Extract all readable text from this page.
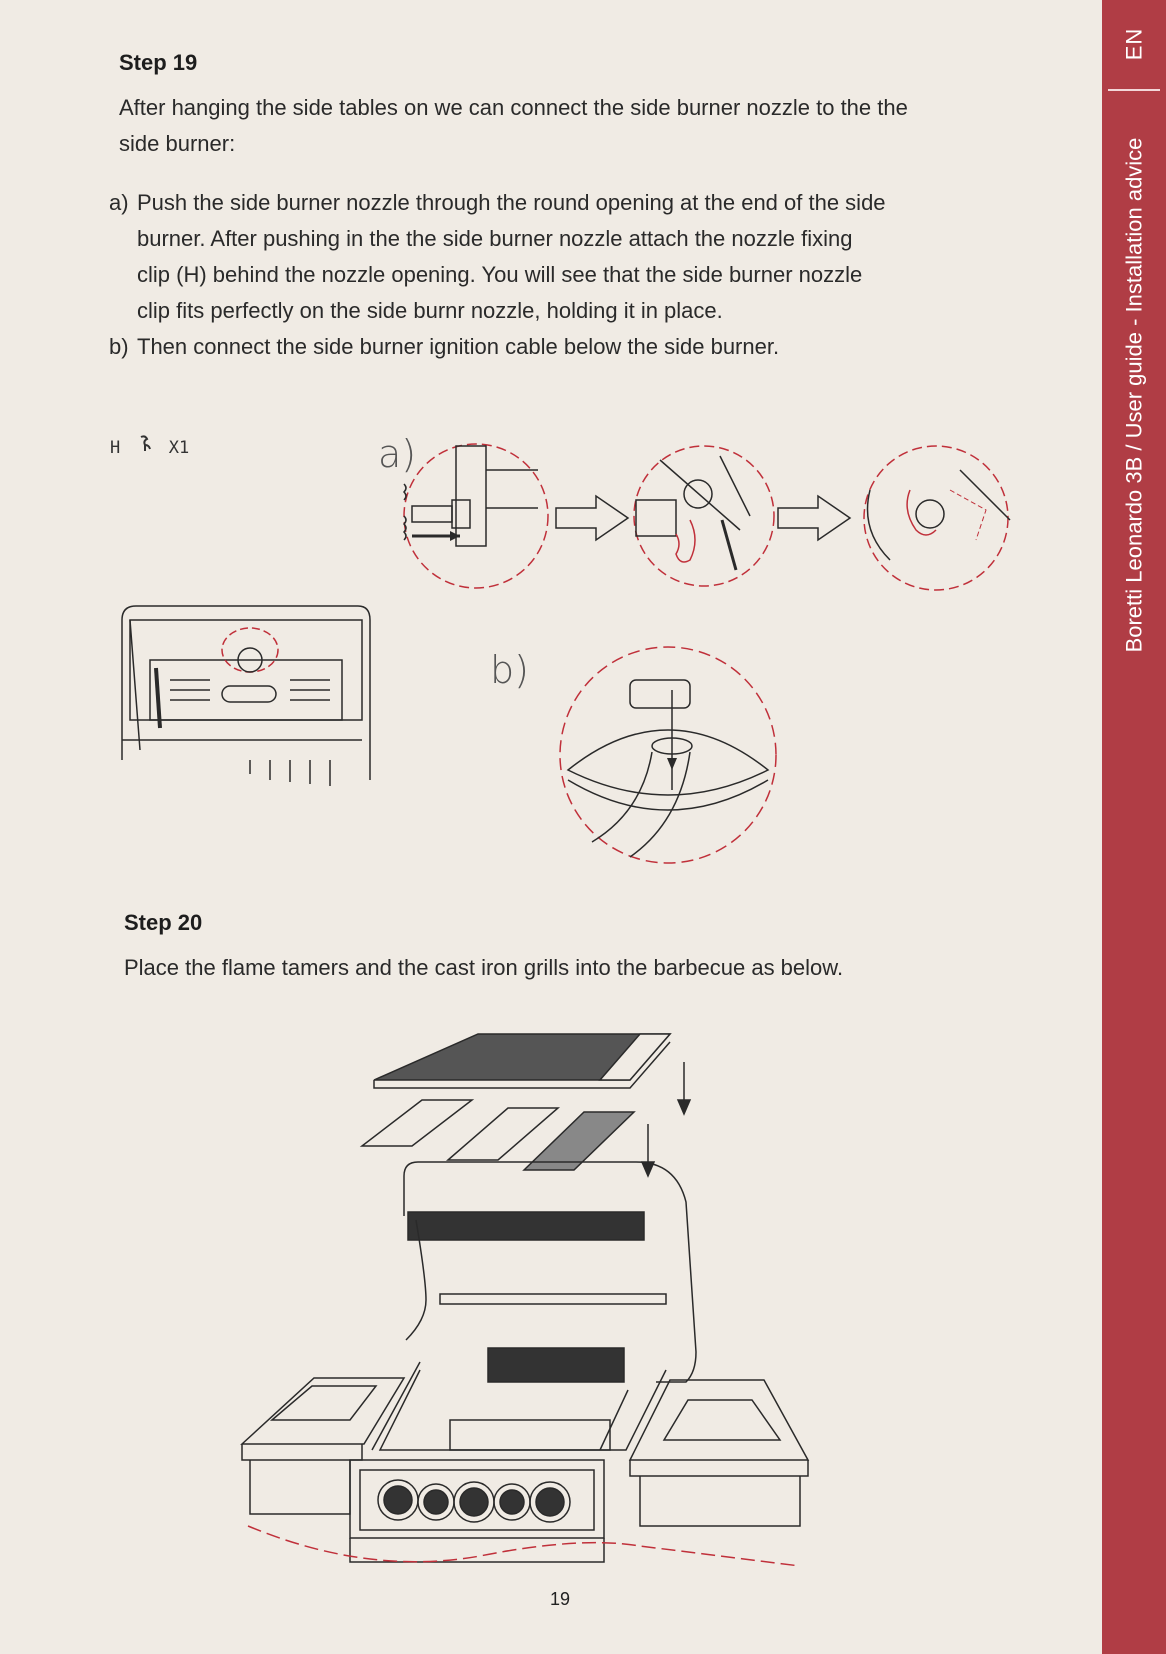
EN
Boretti Leonardo 3B / User guide - Installation advice
Step 19
After hanging the side tables on we can connect the side burner nozzle to the the
side burner:
a) Push the side burner nozzle through the round opening at the end of the side
burner. After pushing in the the side burner nozzle attach the nozzle fixing
clip (H) behind the nozzle opening. You will see that the side burner nozzle
clip fits perfectly on the side burnr nozzle, holding it in place.
b) Then connect the side burner ignition cable below the side burner.
H	X1	a)
b)
Step 20
Place the flame tamers and the cast iron grills into the barbecue as below.
19
